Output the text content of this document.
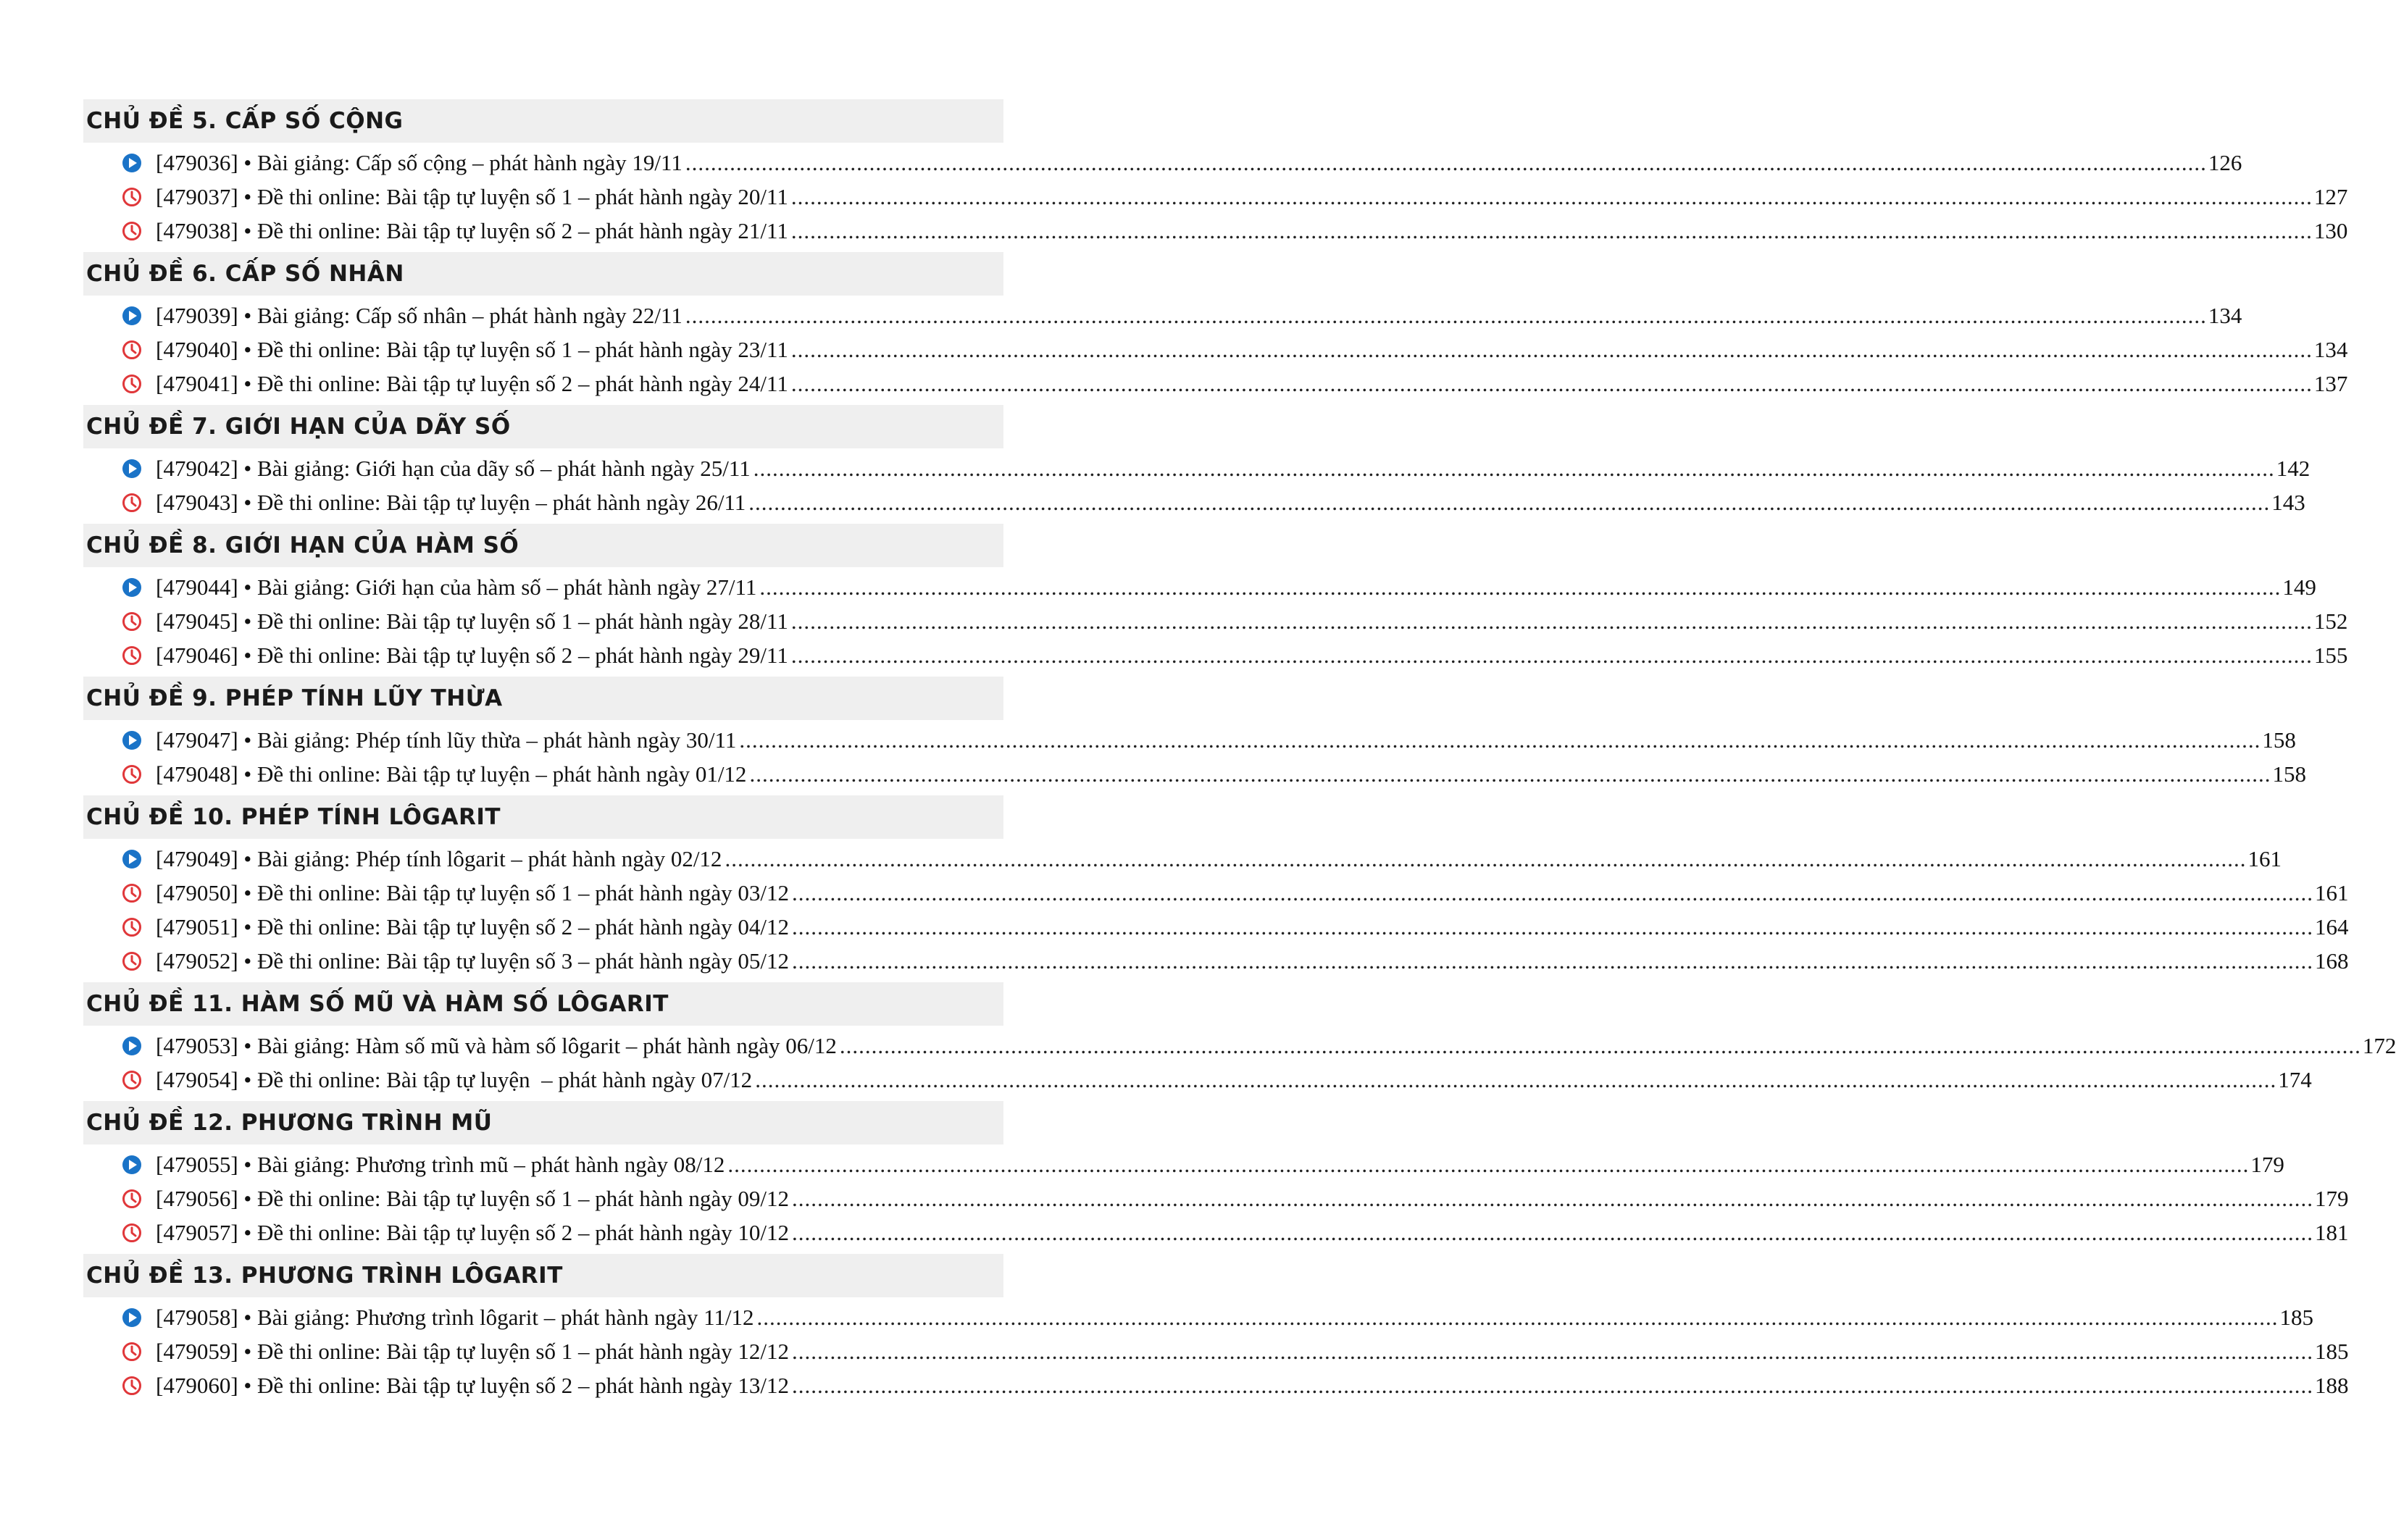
CHỦ ĐỀ 5. CẤP SỐ CỘNG
[479036] • Bài giảng: Cấp số cộng – phát hành ngày 19/11 .....	126
[479037] • Đề thi online: Bài tập tự luyện số 1 – phát hành ngày 20/11 .....	127
[479038] • Đề thi online: Bài tập tự luyện số 2 – phát hành ngày 21/11 .....	130
CHỦ ĐỀ 6. CẤP SỐ NHÂN
[479039] • Bài giảng: Cấp số nhân – phát hành ngày 22/11 .....	134
[479040] • Đề thi online: Bài tập tự luyện số 1 – phát hành ngày 23/11 .....	134
[479041] • Đề thi online: Bài tập tự luyện số 2 – phát hành ngày 24/11 .....	137
CHỦ ĐỀ 7. GIỚI HẠN CỦA DÃY SỐ
[479042] • Bài giảng: Giới hạn của dãy số – phát hành ngày 25/11 .....	142
[479043] • Đề thi online: Bài tập tự luyện – phát hành ngày 26/11 .....	143
CHỦ ĐỀ 8. GIỚI HẠN CỦA HÀM SỐ
[479044] • Bài giảng: Giới hạn của hàm số – phát hành ngày 27/11 .....	149
[479045] • Đề thi online: Bài tập tự luyện số 1 – phát hành ngày 28/11 .....	152
[479046] • Đề thi online: Bài tập tự luyện số 2 – phát hành ngày 29/11 .....	155
CHỦ ĐỀ 9. PHÉP TÍNH LŨY THỪA
[479047] • Bài giảng: Phép tính lũy thừa – phát hành ngày 30/11 .....	158
[479048] • Đề thi online: Bài tập tự luyện – phát hành ngày 01/12 .....	158
CHỦ ĐỀ 10. PHÉP TÍNH LÔGARIT
[479049] • Bài giảng: Phép tính lôgarit – phát hành ngày 02/12 .....	161
[479050] • Đề thi online: Bài tập tự luyện số 1 – phát hành ngày 03/12 .....	161
[479051] • Đề thi online: Bài tập tự luyện số 2 – phát hành ngày 04/12 .....	164
[479052] • Đề thi online: Bài tập tự luyện số 3 – phát hành ngày 05/12 .....	168
CHỦ ĐỀ 11. HÀM SỐ MŨ VÀ HÀM SỐ LÔGARIT
[479053] • Bài giảng: Hàm số mũ và hàm số lôgarit – phát hành ngày 06/12 .....	172
[479054] • Đề thi online: Bài tập tự luyện  – phát hành ngày 07/12 .....	174
CHỦ ĐỀ 12. PHƯƠNG TRÌNH MŨ
[479055] • Bài giảng: Phương trình mũ – phát hành ngày 08/12 .....	179
[479056] • Đề thi online: Bài tập tự luyện số 1 – phát hành ngày 09/12 .....	179
[479057] • Đề thi online: Bài tập tự luyện số 2 – phát hành ngày 10/12 .....	181
CHỦ ĐỀ 13. PHƯƠNG TRÌNH LÔGARIT
[479058] • Bài giảng: Phương trình lôgarit – phát hành ngày 11/12 .....	185
[479059] • Đề thi online: Bài tập tự luyện số 1 – phát hành ngày 12/12 .....	185
[479060] • Đề thi online: Bài tập tự luyện số 2 – phát hành ngày 13/12 .....	188
